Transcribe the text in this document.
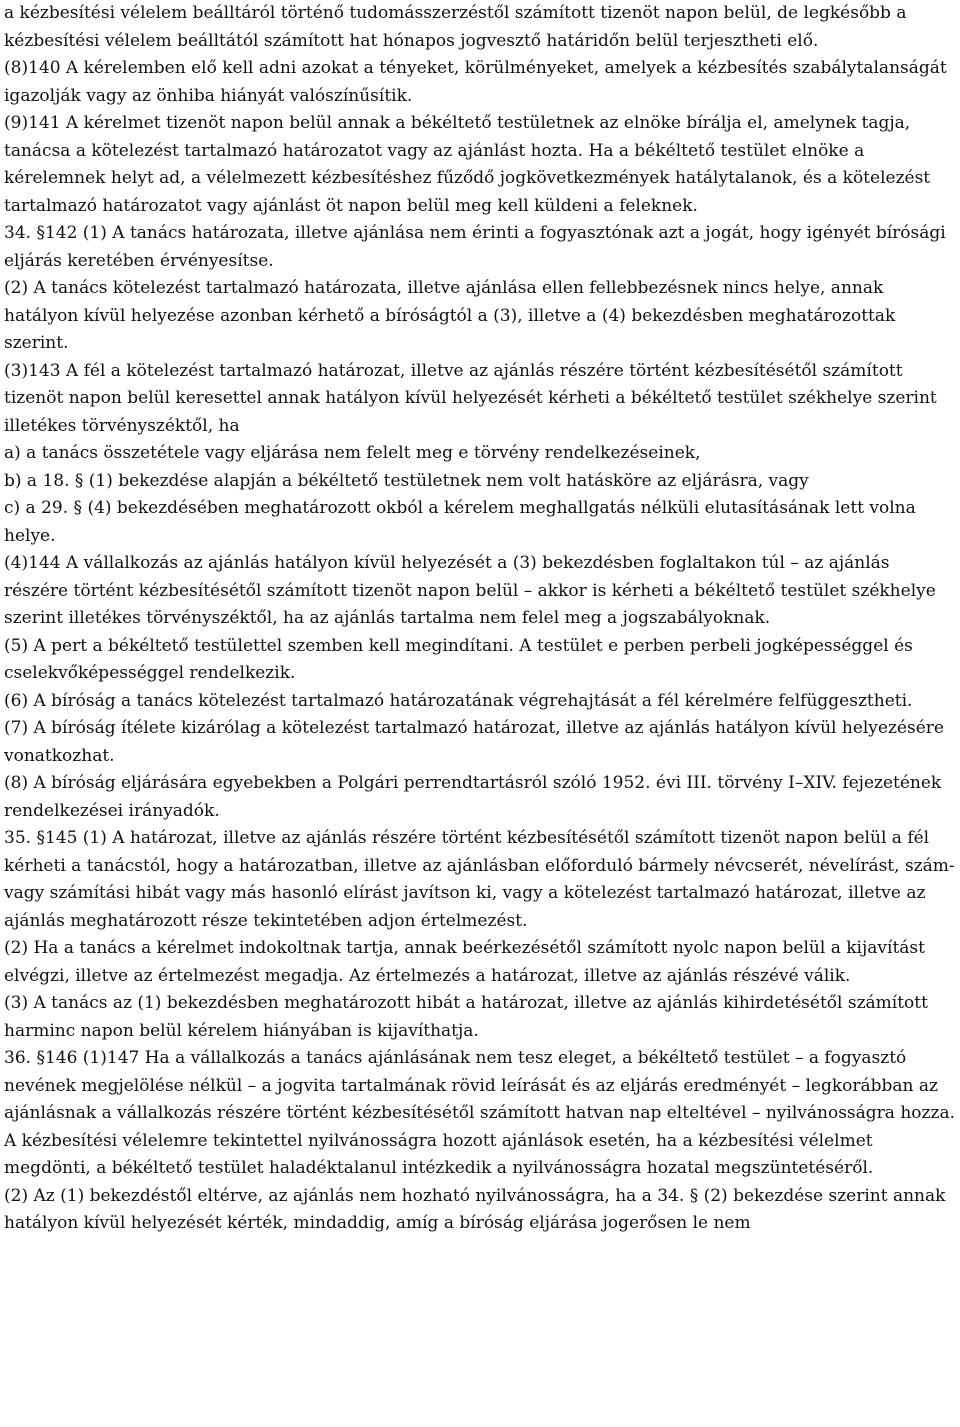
a kézbesítési vélelem beálltáról történő tudomásszerzéstől számított tizenöt napon belül, de legkésőbb a kézbesítési vélelem beálltától számított hat hónapos jogvesztő határidőn belül terjesztheti elő.

(8)140 A kérelemben elő kell adni azokat a tényeket, körülményeket, amelyek a kézbesítés szabálytalanságát igazolják vagy az önhiba hiányát valószínűsítik.

(9)141 A kérelmet tizenöt napon belül annak a békéltető testületnek az elnöke bírálja el, amelynek tagja, tanácsa a kötelezést tartalmazó határozatot vagy az ajánlást hozta. Ha a békéltető testület elnöke a kérelemnek helyt ad, a vélelmezett kézbesítéshez fűződő jogkövetkezmények hatálytalanok, és a kötelezést tartalmazó határozatot vagy ajánlást öt napon belül meg kell küldeni a feleknek.

34. §142 (1) A tanács határozata, illetve ajánlása nem érinti a fogyasztónak azt a jogát, hogy igényét bírósági eljárás keretében érvényesítse.

(2) A tanács kötelezést tartalmazó határozata, illetve ajánlása ellen fellebbezésnek nincs helye, annak hatályon kívül helyezése azonban kérhető a bíróságtól a (3), illetve a (4) bekezdésben meghatározottak szerint.

(3)143 A fél a kötelezést tartalmazó határozat, illetve az ajánlás részére történt kézbesítésétől számított tizenöt napon belül keresettel annak hatályon kívül helyezését kérheti a békéltető testület székhelye szerint illetékes törvényszéktől, ha

a) a tanács összetétele vagy eljárása nem felelt meg e törvény rendelkezéseinek,

b) a 18. § (1) bekezdése alapján a békéltető testületnek nem volt hatásköre az eljárásra, vagy

c) a 29. § (4) bekezdésében meghatározott okból a kérelem meghallgatás nélküli elutasításának lett volna helye.

(4)144 A vállalkozás az ajánlás hatályon kívül helyezését a (3) bekezdésben foglaltakon túl – az ajánlás részére történt kézbesítésétől számított tizenöt napon belül – akkor is kérheti a békéltető testület székhelye szerint illetékes törvényszéktől, ha az ajánlás tartalma nem felel meg a jogszabályoknak.

(5) A pert a békéltető testülettel szemben kell megindítani. A testület e perben perbeli jogképességgel és cselekvőképességgel rendelkezik.

(6) A bíróság a tanács kötelezést tartalmazó határozatának végrehajtását a fél kérelmére felfüggesztheti.

(7) A bíróság ítélete kizárólag a kötelezést tartalmazó határozat, illetve az ajánlás hatályon kívül helyezésére vonatkozhat.

(8) A bíróság eljárására egyebekben a Polgári perrendtartásról szóló 1952. évi III. törvény I–XIV. fejezetének rendelkezései irányadók.

35. §145 (1) A határozat, illetve az ajánlás részére történt kézbesítésétől számított tizenöt napon belül a fél kérheti a tanácstól, hogy a határozatban, illetve az ajánlásban előforduló bármely névcserét, névelírást, szám- vagy számítási hibát vagy más hasonló elírást javítson ki, vagy a kötelezést tartalmazó határozat, illetve az ajánlás meghatározott része tekintetében adjon értelmezést.

(2) Ha a tanács a kérelmet indokoltnak tartja, annak beérkezésétől számított nyolc napon belül a kijavítást elvégzi, illetve az értelmezést megadja. Az értelmezés a határozat, illetve az ajánlás részévé válik.

(3) A tanács az (1) bekezdésben meghatározott hibát a határozat, illetve az ajánlás kihirdetésétől számított harminc napon belül kérelem hiányában is kijavíthatja.

36. §146 (1)147 Ha a vállalkozás a tanács ajánlásának nem tesz eleget, a békéltető testület – a fogyasztó nevének megjelölése nélkül – a jogvita tartalmának rövid leírását és az eljárás eredményét – legkorábban az ajánlásnak a vállalkozás részére történt kézbesítésétől számított hatvan nap elteltével – nyilvánosságra hozza. A kézbesítési vélelemre tekintettel nyilvánosságra hozott ajánlások esetén, ha a kézbesítési vélelmet megdönti, a békéltető testület haladéktalanul intézkedik a nyilvánosságra hozatal megszüntetéséről.

(2) Az (1) bekezdéstől eltérve, az ajánlás nem hozható nyilvánosságra, ha a 34. § (2) bekezdése szerint annak hatályon kívül helyezését kérték, mindaddig, amíg a bíróság eljárása jogerősen le nem
